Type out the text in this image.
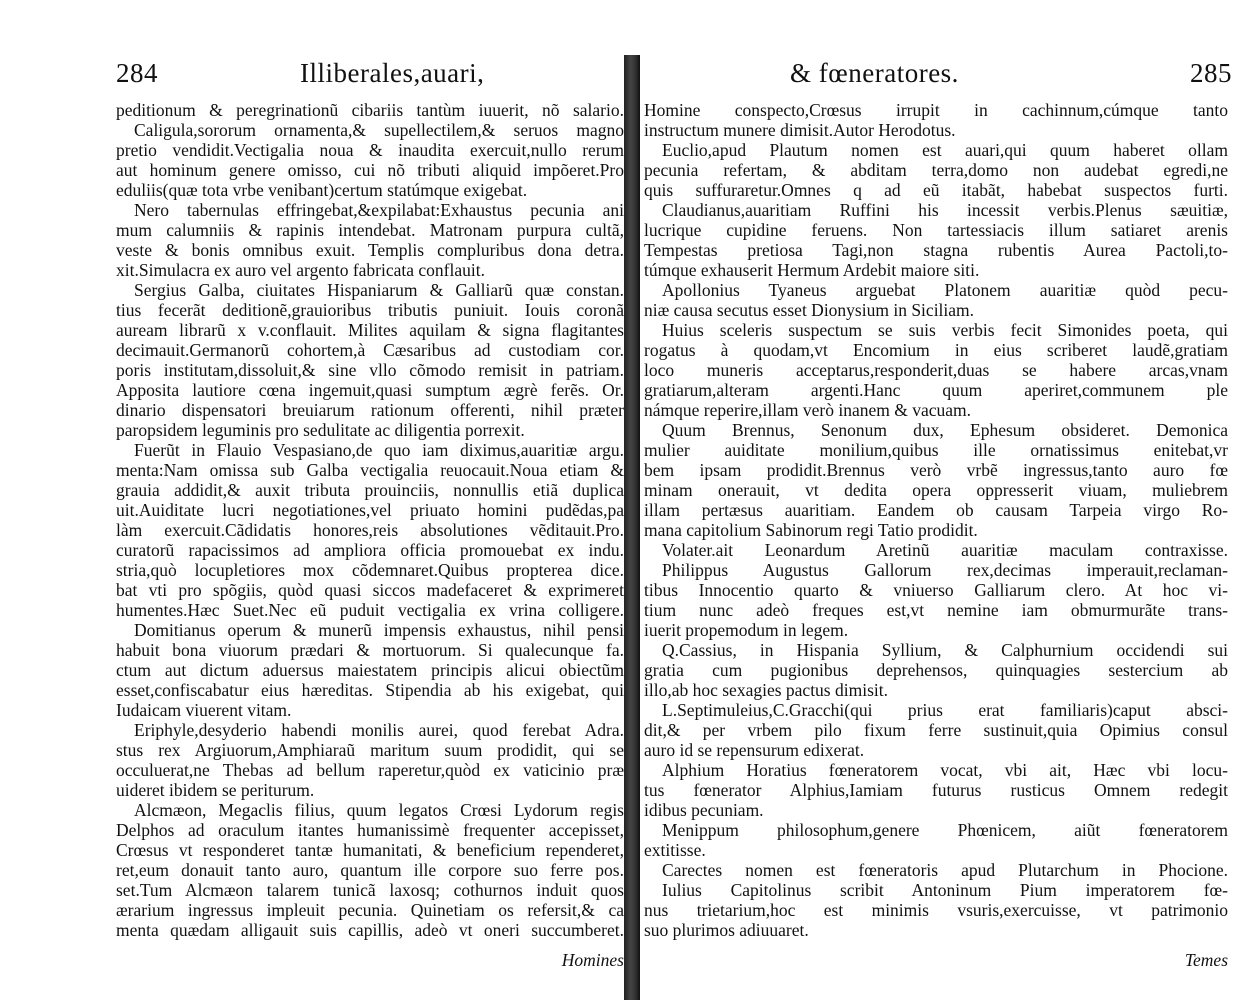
284	Illiberales,auari,
peditionum & peregrinationũ cibariis tantùm iuuerit, nõ salario.
Caligula,sororum ornamenta,& supellectilem,& seruos magno
pretio vendidit.Vectigalia noua & inaudita exercuit,nullo rerum
aut hominum genere omisso, cui nõ tributi aliquid impõeret.Pro
eduliis(quæ tota vrbe venibant)certum statúmque exigebat.
Nero tabernulas effringebat,&expilabat:Exhaustus pecunia ani
mum calumniis & rapinis intendebat. Matronam purpura cultã,
veste & bonis omnibus exuit. Templis compluribus dona detra.
xit.Simulacra ex auro vel argento fabricata conflauit.
Sergius Galba, ciuitates Hispaniarum & Galliarũ quæ constan.
tius fecerãt deditionẽ,grauioribus tributis puniuit. Iouis coronã
auream librarũ x v.conflauit. Milites aquilam & signa flagitantes
decimauit.Germanorũ cohortem,à Cæsaribus ad custodiam cor.
poris institutam,dissoluit,& sine vllo cõmodo remisit in patriam.
Apposita lautiore cœna ingemuit,quasi sumptum ægrè ferẽs. Or.
dinario dispensatori breuiarum rationum offerenti, nihil præter
paropsidem leguminis pro sedulitate ac diligentia porrexit.
Fuerũt in Flauio Vespasiano,de quo iam diximus,auaritiæ argu.
menta:Nam omissa sub Galba vectigalia reuocauit.Noua etiam &
grauia addidit,& auxit tributa prouinciis, nonnullis etiã duplica
uit.Auiditate lucri negotiationes,vel priuato homini pudẽdas,pa
làm exercuit.Cãdidatis honores,reis absolutiones vẽditauit.Pro.
curatorũ rapacissimos ad ampliora officia promouebat ex indu.
stria,quò locupletiores mox cõdemnaret.Quibus propterea dice.
bat vti pro spõgiis, quòd quasi siccos madefaceret & exprimeret
humentes.Hæc Suet.Nec eũ puduit vectigalia ex vrina colligere.
Domitianus operum & munerũ impensis exhaustus, nihil pensi
habuit bona viuorum prædari & mortuorum. Si qualecunque fa.
ctum aut dictum aduersus maiestatem principis alicui obiectũm
esset,confiscabatur eius hæreditas. Stipendia ab his exigebat, qui
Iudaicam viuerent vitam.
Eriphyle,desyderio habendi monilis aurei, quod ferebat Adra.
stus rex Argiuorum,Amphiaraũ maritum suum prodidit, qui se
occuluerat,ne Thebas ad bellum raperetur,quòd ex vaticinio præ
uideret ibidem se periturum.
Alcmæon, Megaclis filius, quum legatos Crœsi Lydorum regis
Delphos ad oraculum itantes humanissimè frequenter accepisset,
Crœsus vt responderet tantæ humanitati, & beneficium rependeret,
ret,eum donauit tanto auro, quantum ille corpore suo ferre pos.
set.Tum Alcmæon talarem tunicã laxosq; cothurnos induit quos
ærarium ingressus impleuit pecunia. Quinetiam os refersit,& ca
menta quædam alligauit suis capillis, adeò vt oneri succumberet.
Homines
& fœneratores.	285
Homine conspecto,Crœsus irrupit in cachinnum,cúmque tanto
instructum munere dimisit.Autor Herodotus.
Euclio,apud Plautum nomen est auari,qui quum haberet ollam
pecunia refertam, & abditam terra,domo non audebat egredi,ne
quis suffuraretur.Omnes q ad eũ itabãt, habebat suspectos furti.
Claudianus,auaritiam Ruffini his incessit verbis.Plenus sæuitiæ,
lucrique cupidine feruens. Non tartessiacis illum satiaret arenis
Tempestas pretiosa Tagi,non stagna rubentis Aurea Pactoli,to-
túmque exhauserit Hermum Ardebit maiore siti.
Apollonius Tyaneus arguebat Platonem auaritiæ quòd pecu-
niæ causa secutus esset Dionysium in Siciliam.
Huius sceleris suspectum se suis verbis fecit Simonides poeta, qui
rogatus à quodam,vt Encomium in eius scriberet laudẽ,gratiam
loco muneris acceptarus,responderit,duas se habere arcas,vnam
gratiarum,alteram argenti.Hanc quum aperiret,communem ple
námque reperire,illam verò inanem & vacuam.
Quum Brennus, Senonum dux, Ephesum obsideret. Demonica
mulier auiditate monilium,quibus ille ornatissimus enitebat,vr
bem ipsam prodidit.Brennus verò vrbẽ ingressus,tanto auro fœ
minam onerauit, vt dedita opera oppresserit viuam, muliebrem
illam pertæsus auaritiam. Eandem ob causam Tarpeia virgo Ro-
mana capitolium Sabinorum regi Tatio prodidit.
Volater.ait Leonardum Aretinũ auaritiæ maculam contraxisse.
Philippus Augustus Gallorum rex,decimas imperauit,reclaman-
tibus Innocentio quarto & vniuerso Galliarum clero. At hoc vi-
tium nunc adeò freques est,vt nemine iam obmurmurãte trans-
iuerit propemodum in legem.
Q.Cassius, in Hispania Syllium, & Calphurnium occidendi sui
gratia cum pugionibus deprehensos, quinquagies sestercium ab
illo,ab hoc sexagies pactus dimisit.
L.Septimuleius,C.Gracchi(qui prius erat familiaris)caput absci-
dit,& per vrbem pilo fixum ferre sustinuit,quia Opimius consul
auro id se repensurum edixerat.
Alphium Horatius fœneratorem vocat, vbi ait, Hæc vbi locu-
tus fœnerator Alphius,Iamiam futurus rusticus Omnem redegit
idibus pecuniam.
Menippum philosophum,genere Phœnicem, aiũt fœneratorem
extitisse.
Carectes nomen est fœneratoris apud Plutarchum in Phocione.
Iulius Capitolinus scribit Antoninum Pium imperatorem fœ-
nus trietarium,hoc est minimis vsuris,exercuisse, vt patrimonio
suo plurimos adiuuaret.
Temes
